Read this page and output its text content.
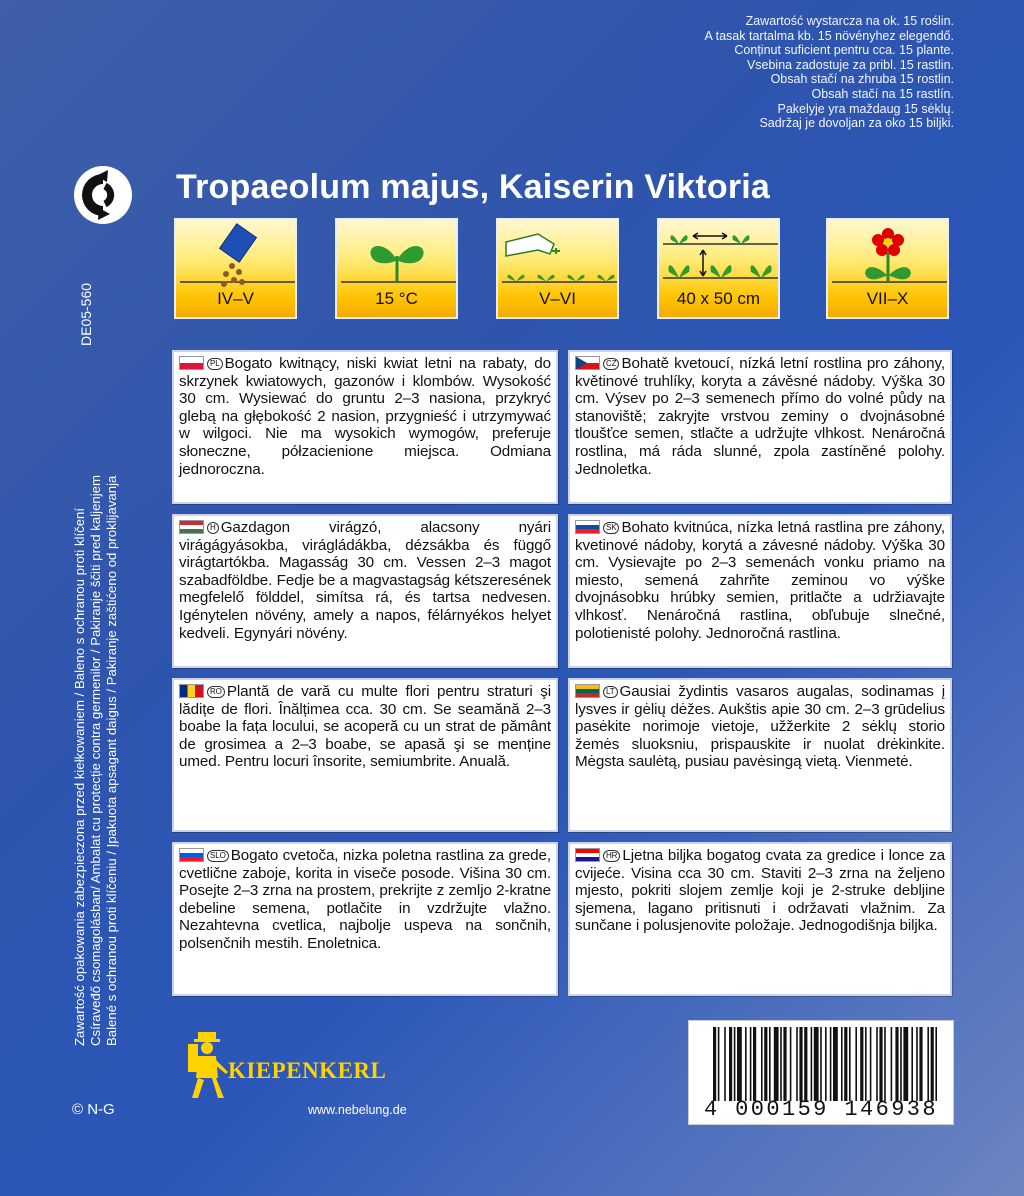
Zawartość wystarcza na ok. 15 roślin.
A tasak tartalma kb. 15 növényhez elegendő.
Conținut suficient pentru cca. 15 plante.
Vsebina zadostuje za pribl. 15 rastlin.
Obsah stačí na zhruba 15 rostlin.
Obsah stačí na 15 rastlín.
Pakelyje yra maždaug 15 sėklų.
Sadržaj je dovoljan za oko 15 biljki.
Tropaeolum majus, Kaiserin Viktoria
IV–V	15 °C	V–VI	40 x 50 cm	VII–X
DE05-560
Zawartość opakowania zabezpieczona przed kiełkowaniem / Baleno s ochranou proti klíčení Csíraveđő csomagolásban/ Ambalat cu protecție contra germenilor / Pakiranje ščiti pred kaljenjem Balené s ochranou proti klíčeniu / Įpakuota apsagant daigus / Pakiranje zaštićeno od proklijavanja
PL Bogato kwitnący, niski kwiat letni na rabaty, do skrzynek kwiatowych, gazonów i klombów. Wysokość 30 cm. Wysiewać do gruntu 2–3 nasiona, przykryć glebą na głębokość 2 nasion, przygnieść i utrzymywać w wilgoci. Nie ma wysokich wymogów, preferuje słoneczne, półzacienione miejsca. Odmiana jednoroczna.
CZ Bohatě kvetoucí, nízká letní rostlina pro záhony, květinové truhlíky, koryta a závěsné nádoby. Výška 30 cm. Výsev po 2–3 semenech přímo do volné půdy na stanoviště; zakryjte vrstvou zeminy o dvojnásobné tloušťce semen, stlačte a udržujte vlhkost. Nenáročná rostlina, má ráda slunné, zpola zastíněné polohy. Jednoletka.
H Gazdagon virágzó, alacsony nyári virágágyásokba, virágládákba, dézsákba és függő virágtartókba. Magasság 30 cm. Vessen 2–3 magot szabadföldbe. Fedje be a magvastagság kétszeresének megfelelő földdel, simítsa rá, és tartsa nedvesen. Igénytelen növény, amely a napos, félárnyékos helyet kedveli. Egynyári növény.
SK Bohato kvitnúca, nízka letná rastlina pre záhony, kvetinové nádoby, korytá a závesné nádoby. Výška 30 cm. Vysievajte po 2–3 semenách vonku priamo na miesto, semená zahrňte zeminou vo výške dvojnásobku hrúbky semien, pritlačte a udržiavajte vlhkosť. Nenáročná rastlina, obľubuje slnečné, polotienisté polohy. Jednoročná rastlina.
RO Plantă de vară cu multe flori pentru straturi şi lădițe de flori. Înălțimea cca. 30 cm. Se seamănă 2–3 boabe la fața locului, se acoperă cu un strat de pământ de grosimea a 2–3 boabe, se apasă şi se menține umed. Pentru locuri însorite, semiumbrite. Anuală.
LT Gausiai žydintis vasaros augalas, sodinamas į lysves ir gėlių dėžes. Aukštis apie 30 cm. 2–3 grūdelius pasėkite norimoje vietoje, užžerkite 2 sėklų storio žemės sluoksniu, prispauskite ir nuolat drėkinkite. Mėgsta saulėtą, pusiau pavėsingą vietą. Vienmetė.
SLO Bogato cvetoča, nizka poletna rastlina za grede, cvetlične zaboje, korita in viseče posode. Višina 30 cm. Posejte 2–3 zrna na prostem, prekrijte z zemljo 2-kratne debeline semena, potlačite in vzdržujte vlažno. Nezahtevna cvetlica, najbolje uspeva na sončnih, polsenčnih mestih. Enoletnica.
HR Ljetna biljka bogatog cvata za gredice i lonce za cvijeće. Visina cca 30 cm. Staviti 2–3 zrna na željeno mjesto, pokriti slojem zemlje koji je 2-struke debljine sjemena, lagano pritisnuti i održavati vlažnim. Za sunčane i polusjenovite položaje. Jednogodišnja biljka.
KIEPENKERL
www.nebelung.de
© N-G	4 000159 146938
